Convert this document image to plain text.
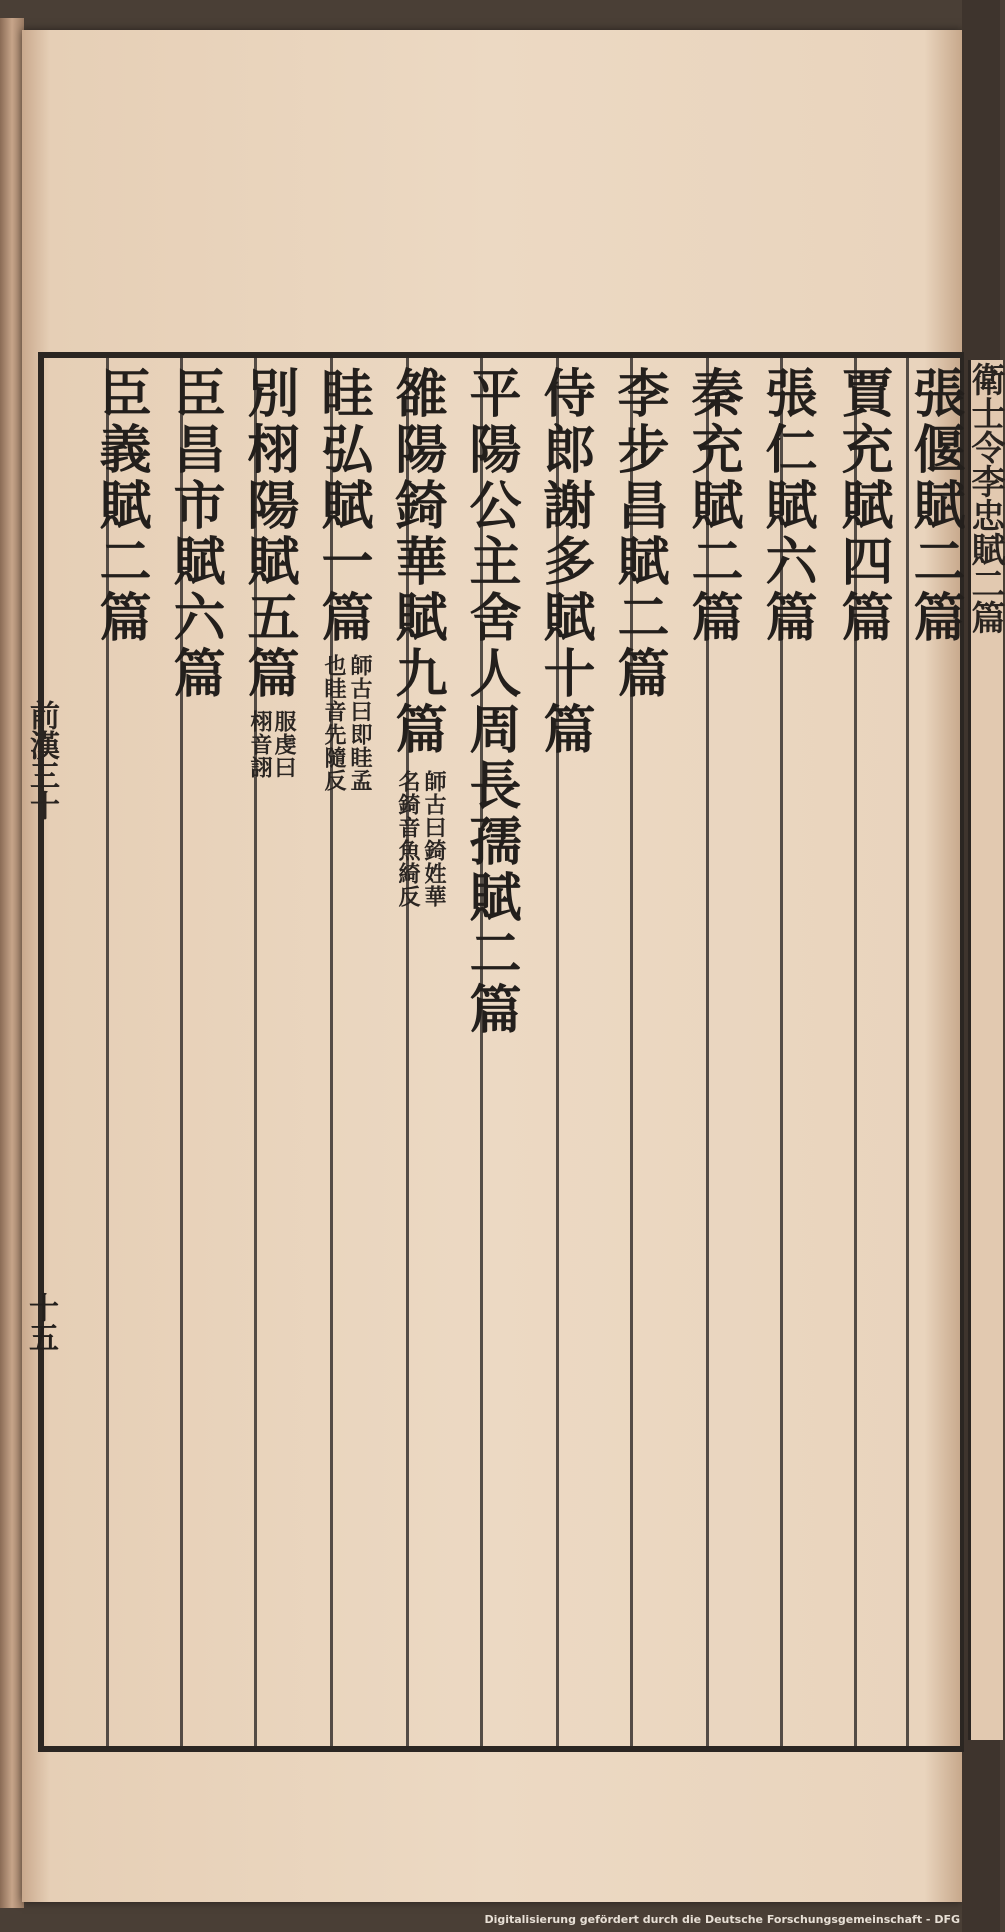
衛士令李忠賦二篇
張偃賦二篇
賈充賦四篇
張仁賦六篇
秦充賦二篇
李步昌賦二篇
侍郎謝多賦十篇
平陽公主舍人周長孺賦二篇
雒陽錡華賦九篇
師古曰錡姓華
名錡音魚綺反
眭弘賦一篇
師古曰即眭孟
也眭音先隨反
別栩陽賦五篇
服虔曰
栩音詡
臣昌市賦六篇
臣義賦二篇
前漢三十
十五
Digitalisierung gefördert durch die Deutsche Forschungsgemeinschaft - DFG
